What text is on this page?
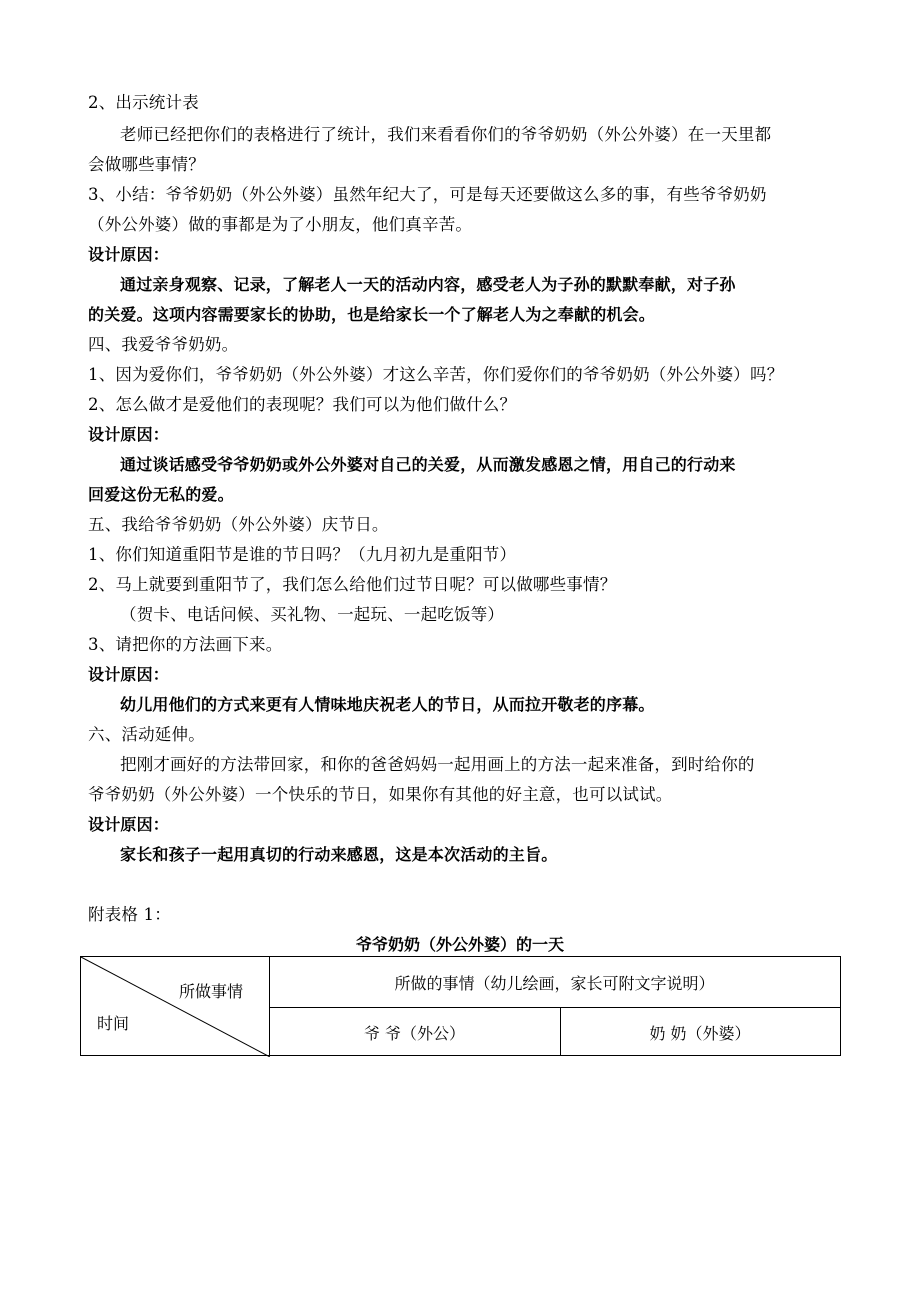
2、出示统计表
老师已经把你们的表格进行了统计，我们来看看你们的爷爷奶奶（外公外婆）在一天里都
会做哪些事情？
3、小结：爷爷奶奶（外公外婆）虽然年纪大了，可是每天还要做这么多的事，有些爷爷奶奶
（外公外婆）做的事都是为了小朋友，他们真辛苦。
设计原因：
通过亲身观察、记录，了解老人一天的活动内容，感受老人为子孙的默默奉献，对子孙
的关爱。这项内容需要家长的协助，也是给家长一个了解老人为之奉献的机会。
四、我爱爷爷奶奶。
1、因为爱你们，爷爷奶奶（外公外婆）才这么辛苦，你们爱你们的爷爷奶奶（外公外婆）吗？
2、怎么做才是爱他们的表现呢？我们可以为他们做什么？
设计原因：
通过谈话感受爷爷奶奶或外公外婆对自己的关爱，从而激发感恩之情，用自己的行动来
回爱这份无私的爱。
五、我给爷爷奶奶（外公外婆）庆节日。
1、你们知道重阳节是谁的节日吗？（九月初九是重阳节）
2、马上就要到重阳节了，我们怎么给他们过节日呢？可以做哪些事情？
（贺卡、电话问候、买礼物、一起玩、一起吃饭等）
3、请把你的方法画下来。
设计原因：
幼儿用他们的方式来更有人情味地庆祝老人的节日，从而拉开敬老的序幕。
六、活动延伸。
把刚才画好的方法带回家，和你的爸爸妈妈一起用画上的方法一起来准备，到时给你的
爷爷奶奶（外公外婆）一个快乐的节日，如果你有其他的好主意，也可以试试。
设计原因：
家长和孩子一起用真切的行动来感恩，这是本次活动的主旨。
附表格 1：
爷爷奶奶（外公外婆）的一天
所做事情
时间
所做的事情（幼儿绘画，家长可附文字说明）
爷 爷（外公）	奶 奶（外婆）
